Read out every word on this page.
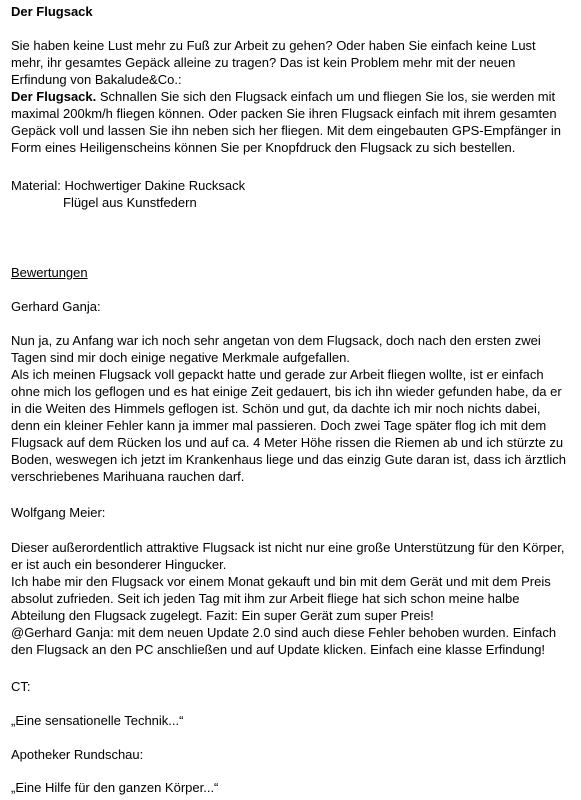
Der Flugsack

Sie haben keine Lust mehr zu Fuß zur Arbeit zu gehen? Oder haben Sie einfach keine Lust mehr, ihr gesamtes Gepäck alleine zu tragen? Das ist kein Problem mehr mit der neuen Erfindung von Bakalude&Co.:

Der Flugsack. Schnallen Sie sich den Flugsack einfach um und fliegen Sie los, sie werden mit maximal 200km/h fliegen können. Oder packen Sie ihren Flugsack einfach mit ihrem gesamten Gepäck voll und lassen Sie ihn neben sich her fliegen. Mit dem eingebauten GPS-Empfänger in Form eines Heiligenscheins können Sie per Knopfdruck den Flugsack zu sich bestellen.

Material: Hochwertiger Dakine Rucksack

Flügel aus Kunstfedern

Bewertungen

Gerhard Ganja:

Nun ja, zu Anfang war ich noch sehr angetan von dem Flugsack, doch nach den ersten zwei Tagen sind mir doch einige negative Merkmale aufgefallen.

Als ich meinen Flugsack voll gepackt hatte und gerade zur Arbeit fliegen wollte, ist er einfach ohne mich los geflogen und es hat einige Zeit gedauert, bis ich ihn wieder gefunden habe, da er in die Weiten des Himmels geflogen ist. Schön und gut, da dachte ich mir noch nichts dabei, denn ein kleiner Fehler kann ja immer mal passieren. Doch zwei Tage später flog ich mit dem Flugsack auf dem Rücken los und auf ca. 4 Meter Höhe rissen die Riemen ab und ich stürzte zu Boden, weswegen ich jetzt im Krankenhaus liege und das einzig Gute daran ist, dass ich ärztlich verschriebenes Marihuana rauchen darf.

Wolfgang Meier:

Dieser außerordentlich attraktive Flugsack ist nicht nur eine große Unterstützung für den Körper, er ist auch ein besonderer Hingucker.

Ich habe mir den Flugsack vor einem Monat gekauft und bin mit dem Gerät und mit dem Preis absolut zufrieden. Seit ich jeden Tag mit ihm zur Arbeit fliege hat sich schon meine halbe Abteilung den Flugsack zugelegt. Fazit: Ein super Gerät zum super Preis!

@Gerhard Ganja: mit dem neuen Update 2.0 sind auch diese Fehler behoben wurden. Einfach den Flugsack an den PC anschließen und auf Update klicken. Einfach eine klasse Erfindung!

CT:

„Eine sensationelle Technik...“

Apotheker Rundschau:

„Eine Hilfe für den ganzen Körper...“
